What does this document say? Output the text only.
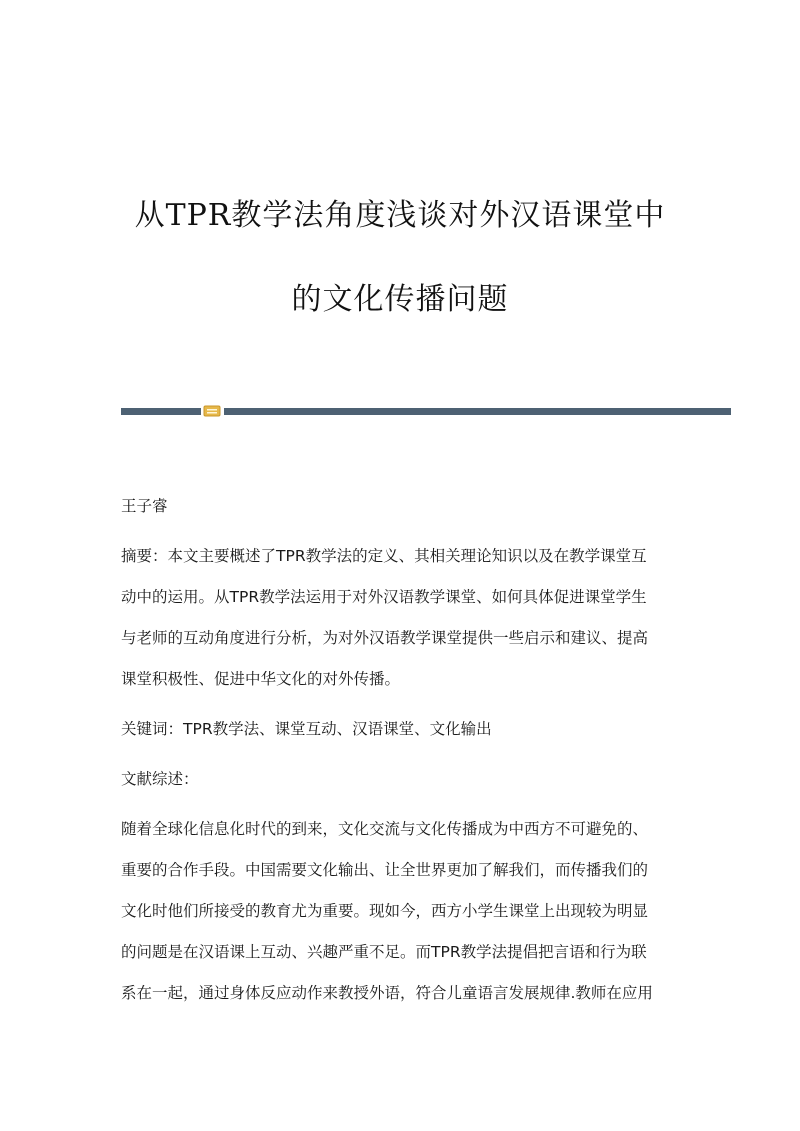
从TPR教学法角度浅谈对外汉语课堂中
的文化传播问题
王子睿
摘要：本文主要概述了TPR教学法的定义、其相关理论知识以及在教学课堂互
动中的运用。从TPR教学法运用于对外汉语教学课堂、如何具体促进课堂学生
与老师的互动角度进行分析，为对外汉语教学课堂提供一些启示和建议、提高
课堂积极性、促进中华文化的对外传播。
关键词：TPR教学法、课堂互动、汉语课堂、文化输出
文献综述：
随着全球化信息化时代的到来，文化交流与文化传播成为中西方不可避免的、
重要的合作手段。中国需要文化输出、让全世界更加了解我们，而传播我们的
文化时他们所接受的教育尤为重要。现如今，西方小学生课堂上出现较为明显
的问题是在汉语课上互动、兴趣严重不足。而TPR教学法提倡把言语和行为联
系在一起，通过身体反应动作来教授外语，符合儿童语言发展规律.教师在应用
